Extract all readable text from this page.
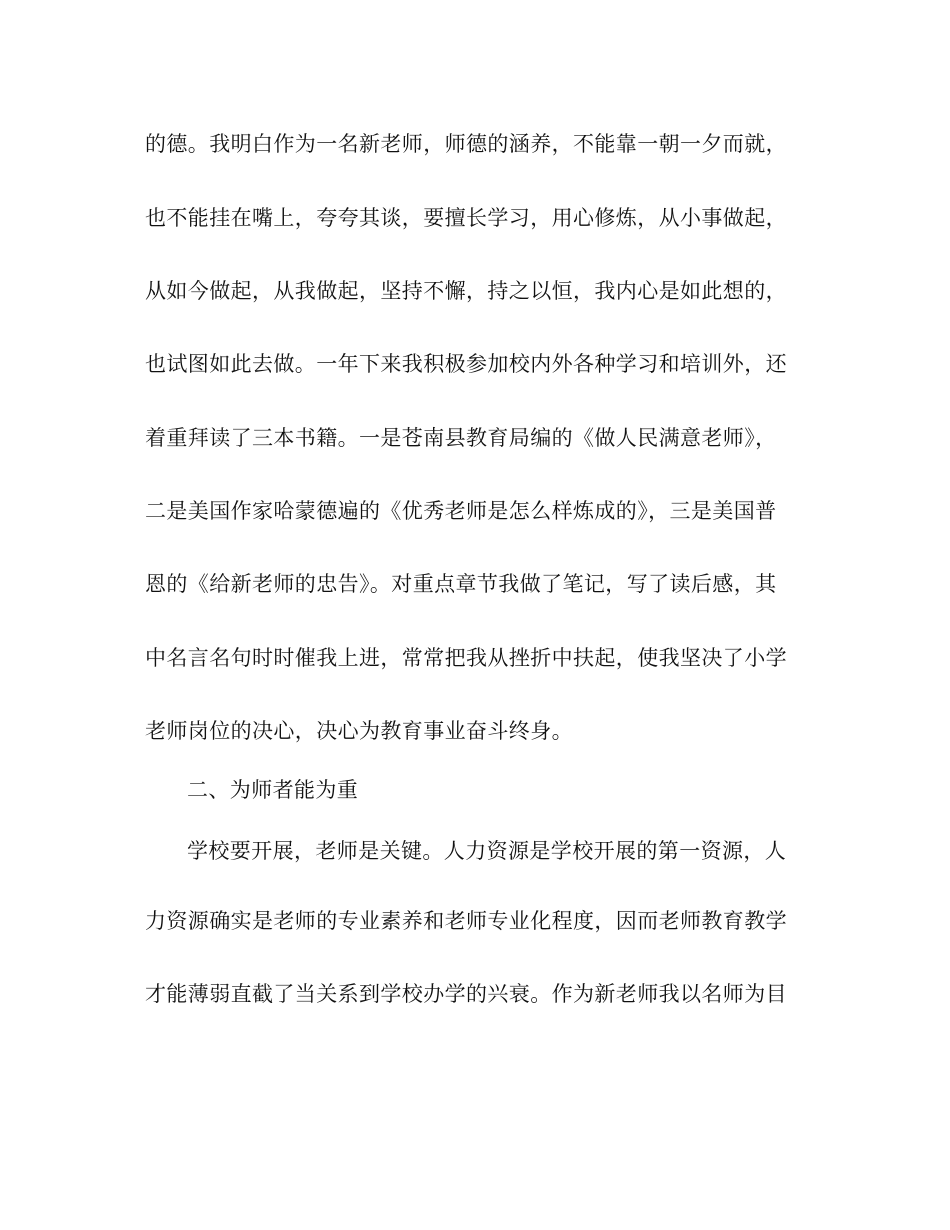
的德。我明白作为一名新老师，师德的涵养，不能靠一朝一夕而就，
也不能挂在嘴上，夸夸其谈，要擅长学习，用心修炼，从小事做起，
从如今做起，从我做起，坚持不懈，持之以恒，我内心是如此想的，
也试图如此去做。一年下来我积极参加校内外各种学习和培训外，还
着重拜读了三本书籍。一是苍南县教育局编的《做人民满意老师》，
二是美国作家哈蒙德遍的《优秀老师是怎么样炼成的》，三是美国普
恩的《给新老师的忠告》。对重点章节我做了笔记，写了读后感，其
中名言名句时时催我上进，常常把我从挫折中扶起，使我坚决了小学
老师岗位的决心，决心为教育事业奋斗终身。
二、为师者能为重
学校要开展，老师是关键。人力资源是学校开展的第一资源，人
力资源确实是老师的专业素养和老师专业化程度，因而老师教育教学
才能薄弱直截了当关系到学校办学的兴衰。作为新老师我以名师为目
